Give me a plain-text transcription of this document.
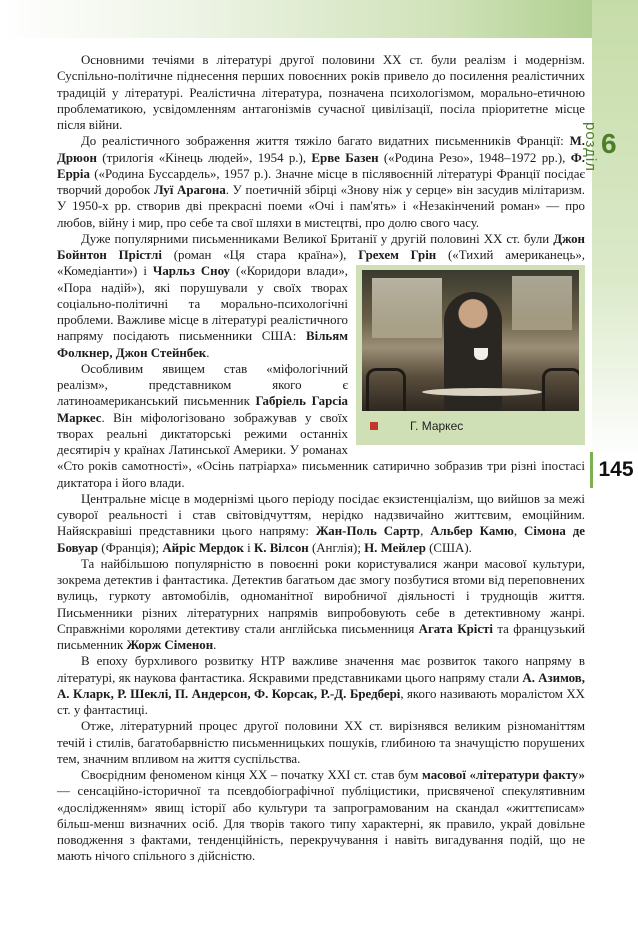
розділ 6
145

Основними течіями в літературі другої половини XX ст. були реалізм і модернізм. Суспільно-політичне піднесення перших повоєнних років привело до посилення реалістичних традицій у літературі. Реалістична література, позначена психологізмом, морально-етичною проблематикою, усвідомленням антагонізмів сучасної цивілізації, посіла пріоритетне місце після війни.

До реалістичного зображення життя тяжіло багато видатних письменників Франції: М. Дрюон (трилогія «Кінець людей», 1954 р.), Ерве Базен («Родина Резо», 1948–1972 рр.), Ф. Ерріа («Родина Буссардель», 1957 р.). Значне місце в післявоєнній літературі Франції посідає творчий доробок Луї Арагона. У поетичній збірці «Знову ніж у серце» він засудив мілітаризм. У 1950-х рр. створив дві прекрасні поеми «Очі і пам'ять» і «Незакінчений роман» — про любов, війну і мир, про себе та свої шляхи в мистецтві, про долю свого часу.

Дуже популярними письменниками Великої Британії у другій половині XX ст. були Джон Бойнтон Прістлі (роман «Ця стара країна»), Грехем Грін («Тихий американець», «Комедіанти») і
Г. Маркес
Чарльз Сноу («Коридори влади», «Пора надій»), які порушували у своїх творах соціально-політичні та морально-психологічні проблеми. Важливе місце в літературі реалістичного напряму посідають письменники США: Вільям Фолкнер, Джон Стейнбек.

Особливим явищем став «міфологічний реалізм», представником якого є латиноамериканський письменник Габріель Гарсіа Маркес. Він міфологізовано зображував у своїх творах реальні диктаторські режими останніх десятиріч у країнах Латинської Америки. У романах «Сто років самотності», «Осінь патріарха» письменник сатирично зобразив три різні іпостасі диктатора і його влади.

Центральне місце в модернізмі цього періоду посідає екзистенціалізм, що вийшов за межі суворої реальності і став світовідчуттям, нерідко надзвичайно життєвим, емоційним. Найяскравіші представники цього напряму: Жан-Поль Сартр, Альбер Камю, Сімона де Бовуар (Франція); Айріс Мердок і К. Вілсон (Англія); Н. Мейлер (США).

Та найбільшою популярністю в повоєнні роки користувалися жанри масової культури, зокрема детектив і фантастика. Детектив багатьом дає змогу позбутися втоми від переповнених вулиць, гуркоту автомобілів, одноманітної виробничої діяльності і труднощів життя. Письменники різних літературних напрямів випробовують себе в детективному жанрі. Справжніми королями детективу стали англійська письменниця Агата Крісті та французький письменник Жорж Сіменон.

В епоху бурхливого розвитку НТР важливе значення має розвиток такого напряму в літературі, як наукова фантастика. Яскравими представниками цього напряму стали А. Азимов, А. Кларк, Р. Шеклі, П. Андерсон, Ф. Корсак, Р.-Д. Бредбері, якого називають моралістом XX ст. у фантастиці.

Отже, літературний процес другої половини XX ст. вирізнявся великим різноманіттям течій і стилів, багатобарвністю письменницьких пошуків, глибиною та значущістю порушених тем, значним впливом на життя суспільства.

Своєрідним феноменом кінця XX – початку XXI ст. став бум масової «літератури факту» — сенсаційно-історичної та псевдобіографічної публіцистики, присвяченої спекулятивним «дослідженням» явищ історії або культури та запрограмованим на скандал «життєписам» більш-менш визначних осіб. Для творів такого типу характерні, як правило, украй довільне поводження з фактами, тенденційність, перекручування і навіть вигадування подій, що не мають нічого спільного з дійсністю.
